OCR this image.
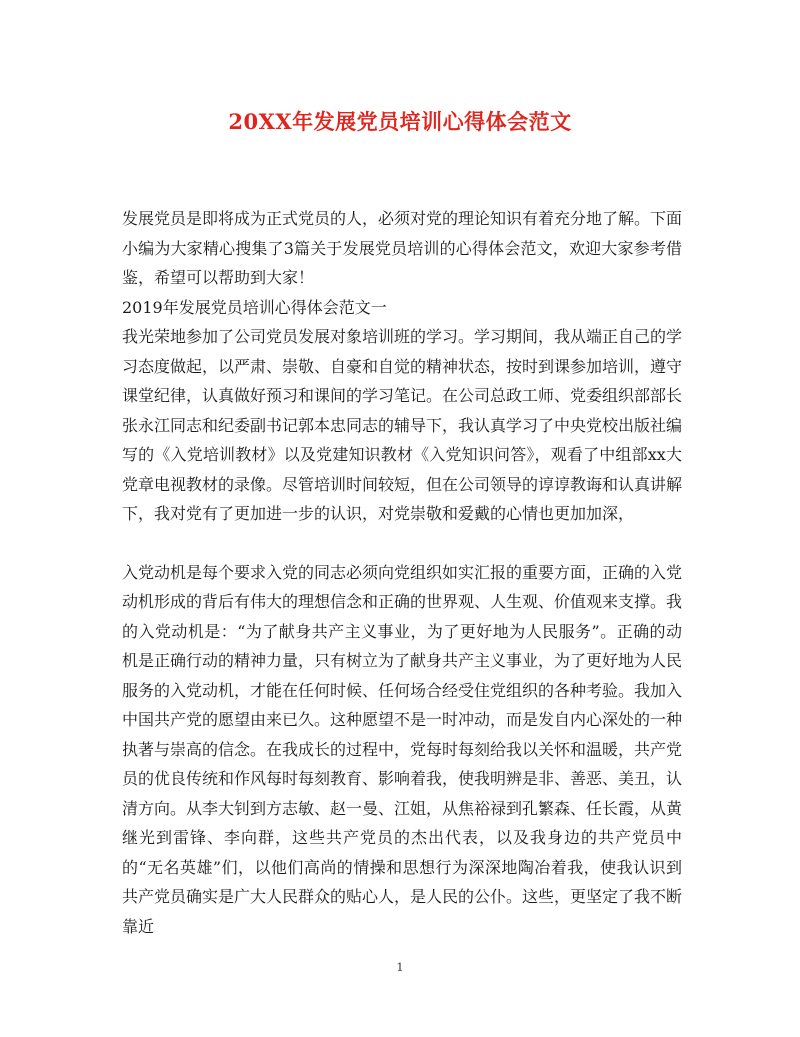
20XX年发展党员培训心得体会范文

发展党员是即将成为正式党员的人，必须对党的理论知识有着充分地了解。下面小编为大家精心搜集了3篇关于发展党员培训的心得体会范文，欢迎大家参考借鉴，希望可以帮助到大家！

2019年发展党员培训心得体会范文一

我光荣地参加了公司党员发展对象培训班的学习。学习期间，我从端正自己的学习态度做起，以严肃、崇敬、自豪和自觉的精神状态，按时到课参加培训，遵守课堂纪律，认真做好预习和课间的学习笔记。在公司总政工师、党委组织部部长张永江同志和纪委副书记郭本忠同志的辅导下，我认真学习了中央党校出版社编写的《入党培训教材》以及党建知识教材《入党知识问答》，观看了中组部xx大党章电视教材的录像。尽管培训时间较短，但在公司领导的谆谆教诲和认真讲解下，我对党有了更加进一步的认识，对党崇敬和爱戴的心情也更加加深，

入党动机是每个要求入党的同志必须向党组织如实汇报的重要方面，正确的入党动机形成的背后有伟大的理想信念和正确的世界观、人生观、价值观来支撑。我的入党动机是：“为了献身共产主义事业，为了更好地为人民服务”。正确的动机是正确行动的精神力量，只有树立为了献身共产主义事业，为了更好地为人民服务的入党动机，才能在任何时候、任何场合经受住党组织的各种考验。我加入中国共产党的愿望由来已久。这种愿望不是一时冲动，而是发自内心深处的一种执著与崇高的信念。在我成长的过程中，党每时每刻给我以关怀和温暖，共产党员的优良传统和作风每时每刻教育、影响着我，使我明辨是非、善恶、美丑，认清方向。从李大钊到方志敏、赵一曼、江姐，从焦裕禄到孔繁森、任长霞，从黄继光到雷锋、李向群，这些共产党员的杰出代表，以及我身边的共产党员中的“无名英雄”们，以他们高尚的情操和思想行为深深地陶冶着我，使我认识到共产党员确实是广大人民群众的贴心人，是人民的公仆。这些，更坚定了我不断靠近

1
